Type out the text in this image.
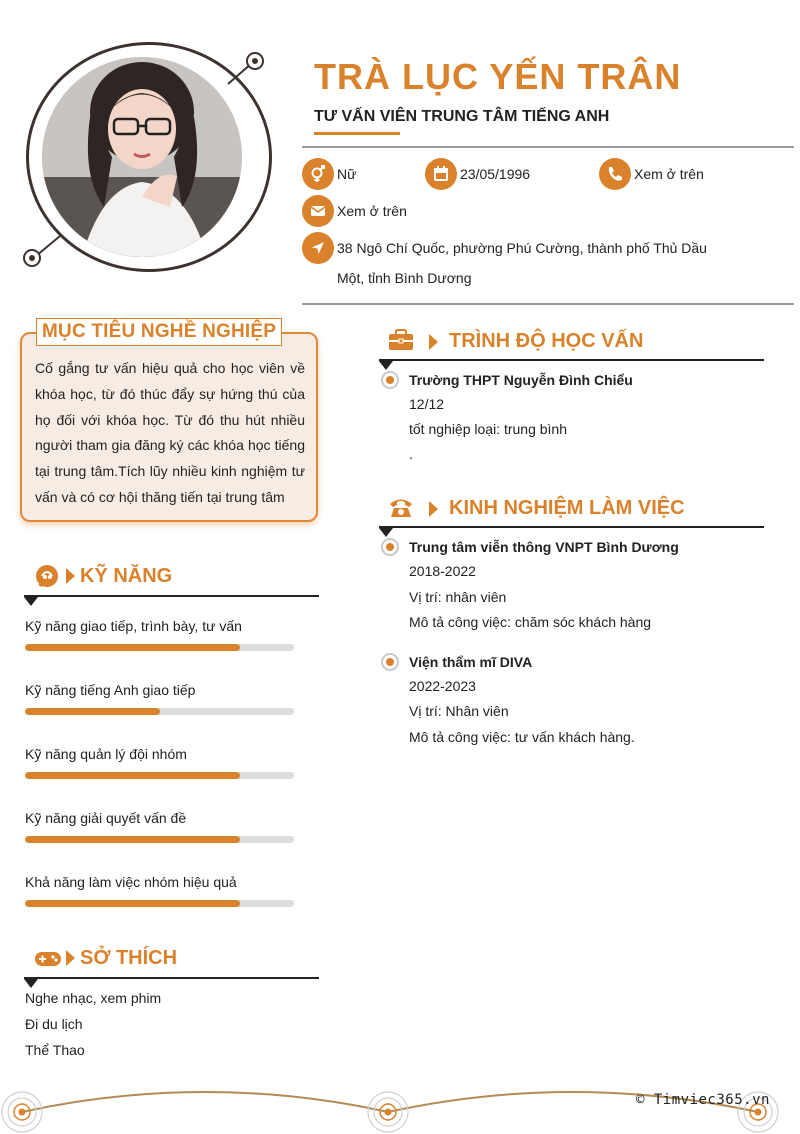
TRÀ LỤC YẾN TRÂN
TƯ VẤN VIÊN TRUNG TÂM TIẾNG ANH
Nữ	23/05/1996	Xem ở trên
Xem ở trên
38 Ngô Chí Quốc, phường Phú Cường, thành phố Thủ Dầu
Một, tỉnh Bình Dương
MỤC TIÊU NGHỀ NGHIỆP
Cố gắng tư vấn hiệu quả cho học viên về khóa học, từ đó thúc đẩy sự hứng thú của họ đối với khóa học. Từ đó thu hút nhiều người tham gia đăng ký các khóa học tiếng tại trung tâm.Tích lũy nhiều kinh nghiệm tư vấn và có cơ hội thăng tiến tại trung tâm
KỸ NĂNG
Kỹ năng giao tiếp, trình bày, tư vấn
Kỹ năng tiếng Anh giao tiếp
Kỹ năng quản lý đội nhóm
Kỹ năng giải quyết vấn đề
Khả năng làm việc nhóm hiệu quả
SỞ THÍCH
Nghe nhạc, xem phim
Đi du lịch
Thể Thao
TRÌNH ĐỘ HỌC VẤN
Trường THPT Nguyễn Đình Chiểu
12/12
tốt nghiệp loại: trung bình
.
KINH NGHIỆM LÀM VIỆC
Trung tâm viễn thông VNPT Bình Dương
2018-2022
Vị trí: nhân viên
Mô tả công việc: chăm sóc khách hàng
Viện thẩm mĩ DIVA
2022-2023
Vị trí: Nhân viên
Mô tả công việc: tư vấn khách hàng.
© Timviec365.vn
